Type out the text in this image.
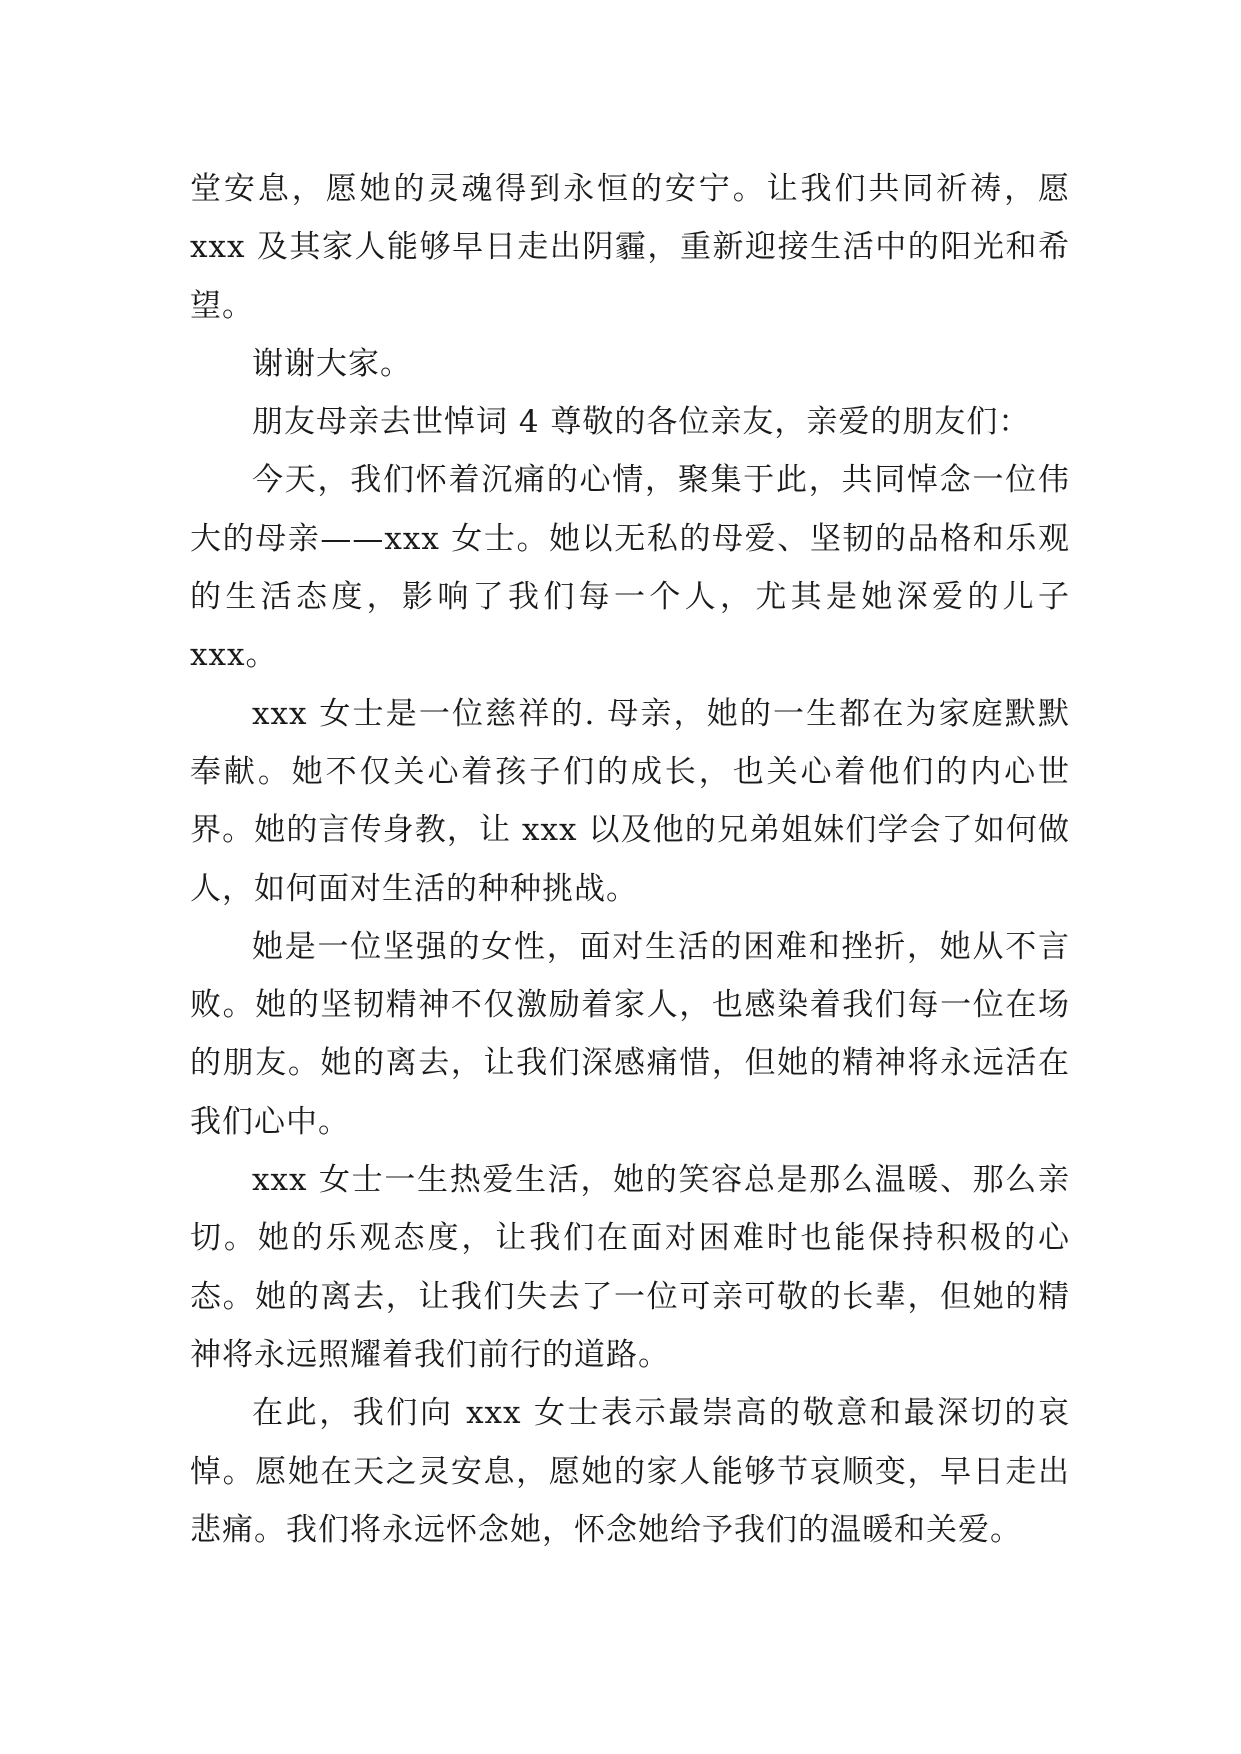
堂安息，愿她的灵魂得到永恒的安宁。让我们共同祈祷，愿 xxx 及其家人能够早日走出阴霾，重新迎接生活中的阳光和希望。

谢谢大家。

朋友母亲去世悼词 4 尊敬的各位亲友，亲爱的朋友们：

今天，我们怀着沉痛的心情，聚集于此，共同悼念一位伟大的母亲——xxx 女士。她以无私的母爱、坚韧的品格和乐观的生活态度，影响了我们每一个人，尤其是她深爱的儿子 xxx。

xxx 女士是一位慈祥的. 母亲，她的一生都在为家庭默默奉献。她不仅关心着孩子们的成长，也关心着他们的内心世界。她的言传身教，让 xxx 以及他的兄弟姐妹们学会了如何做人，如何面对生活的种种挑战。

她是一位坚强的女性，面对生活的困难和挫折，她从不言败。她的坚韧精神不仅激励着家人，也感染着我们每一位在场的朋友。她的离去，让我们深感痛惜，但她的精神将永远活在我们心中。

xxx 女士一生热爱生活，她的笑容总是那么温暖、那么亲切。她的乐观态度，让我们在面对困难时也能保持积极的心态。她的离去，让我们失去了一位可亲可敬的长辈，但她的精神将永远照耀着我们前行的道路。

在此，我们向 xxx 女士表示最崇高的敬意和最深切的哀悼。愿她在天之灵安息，愿她的家人能够节哀顺变，早日走出悲痛。我们将永远怀念她，怀念她给予我们的温暖和关爱。
